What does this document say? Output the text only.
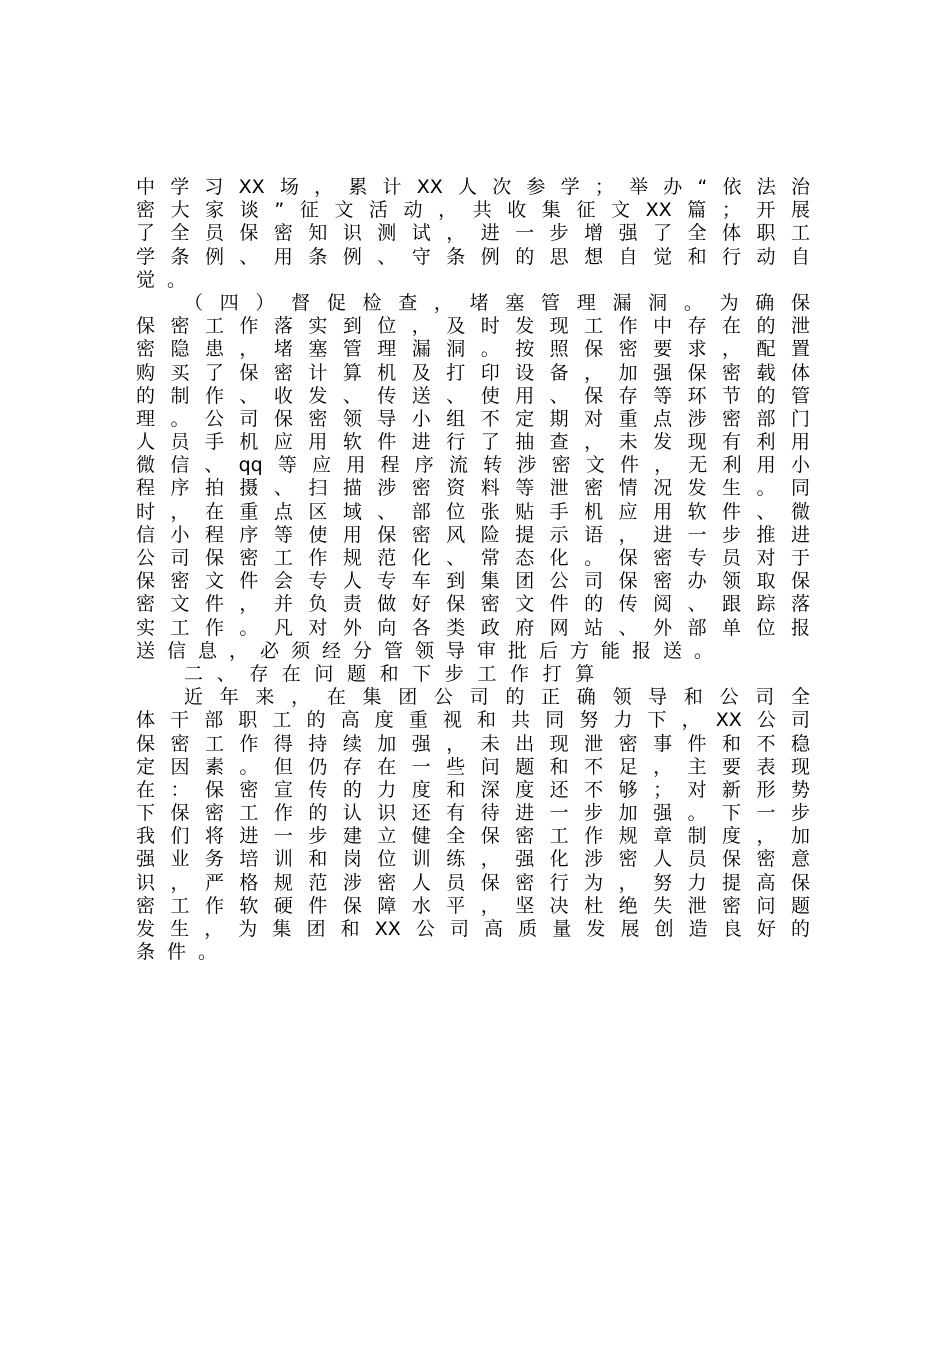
中学习XX场，累计XX人次参学；举办“依法治
密大家谈”征文活动，共收集征文XX篇；开展
了全员保密知识测试，进一步增强了全体职工
学条例、用条例、守条例的思想自觉和行动自
觉。
（四）督促检查，堵塞管理漏洞。为确保
保密工作落实到位，及时发现工作中存在的泄
密隐患，堵塞管理漏洞。按照保密要求，配置
购买了保密计算机及打印设备，加强保密载体
的制作、收发、传送、使用、保存等环节的管
理。公司保密领导小组不定期对重点涉密部门
人员手机应用软件进行了抽查，未发现有利用
微信、qq等应用程序流转涉密文件，无利用小
程序拍摄、扫描涉密资料等泄密情况发生。同
时，在重点区域、部位张贴手机应用软件、微
信小程序等使用保密风险提示语，进一步推进
公司保密工作规范化、常态化。保密专员对于
保密文件会专人专车到集团公司保密办领取保
密文件，并负责做好保密文件的传阅、跟踪落
实工作。凡对外向各类政府网站、外部单位报
送信息，必须经分管领导审批后方能报送。
二、存在问题和下步工作打算
近年来，在集团公司的正确领导和公司全
体干部职工的高度重视和共同努力下，XX公司
保密工作得持续加强，未出现泄密事件和不稳
定因素。但仍存在一些问题和不足，主要表现
在：保密宣传的力度和深度还不够；对新形势
下保密工作的认识还有待进一步加强。下一步
我们将进一步建立健全保密工作规章制度，加
强业务培训和岗位训练，强化涉密人员保密意
识，严格规范涉密人员保密行为，努力提高保
密工作软硬件保障水平，坚决杜绝失泄密问题
发生，为集团和XX公司高质量发展创造良好的
条件。
